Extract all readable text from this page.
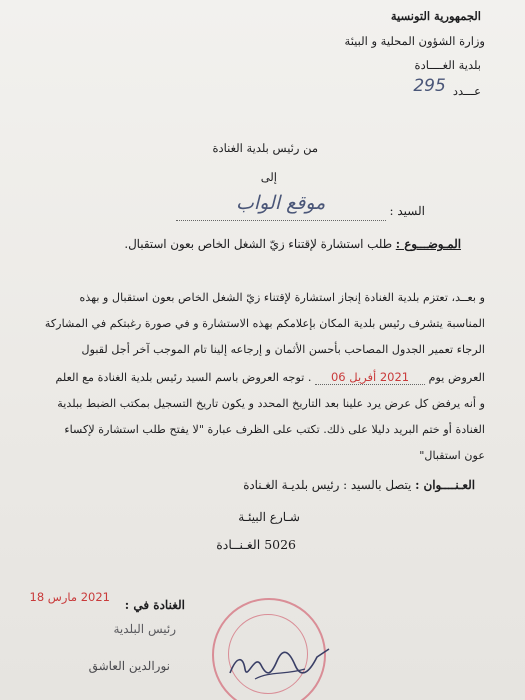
الجمهورية التونسية
وزارة الشؤون المحلية و البيئة
بلدية الغــــادة
عـــدد 295
من رئيس بلدية الغنادة
إلى
السيد : موقع الواب
المـوضـــوع : طلب استشارة لإقتناء زيّ الشغل الخاص بعون استقبال.
و بعــد، تعتزم بلدية الغنادة إنجاز استشارة لإقتناء زيّ الشغل الخاص بعون استقبال و بهذه
المناسبة يتشرف رئيس بلدية المكان بإعلامكم بهذه الاستشارة و في صورة رغبتكم في المشاركة
الرجاء تعمير الجدول المصاحب بأحسن الأثمان و إرجاعه إلينا تام الموجب آخر أجل لقبول
العروض يوم 2021 أفريل 06 . توجه العروض باسم السيد رئيس بلدية الغنادة مع العلم
و أنه يرفض كل عرض يرد علينا بعد التاريخ المحدد و يكون تاريخ التسجيل بمكتب الضبط ببلدية
الغنادة أو ختم البريد دليلا على ذلك. تكتب على الظرف عبارة "لا يفتح طلب استشارة لإكساء
عون استقبال"
العـنــــوان : يتصل بالسيد : رئيس بلديـة الغـنادة
شـارع البيئـة
5026 الغـنــادة
الغنادة في :
2021 مارس 18
رئيس البلدية
نورالدين العاشق
